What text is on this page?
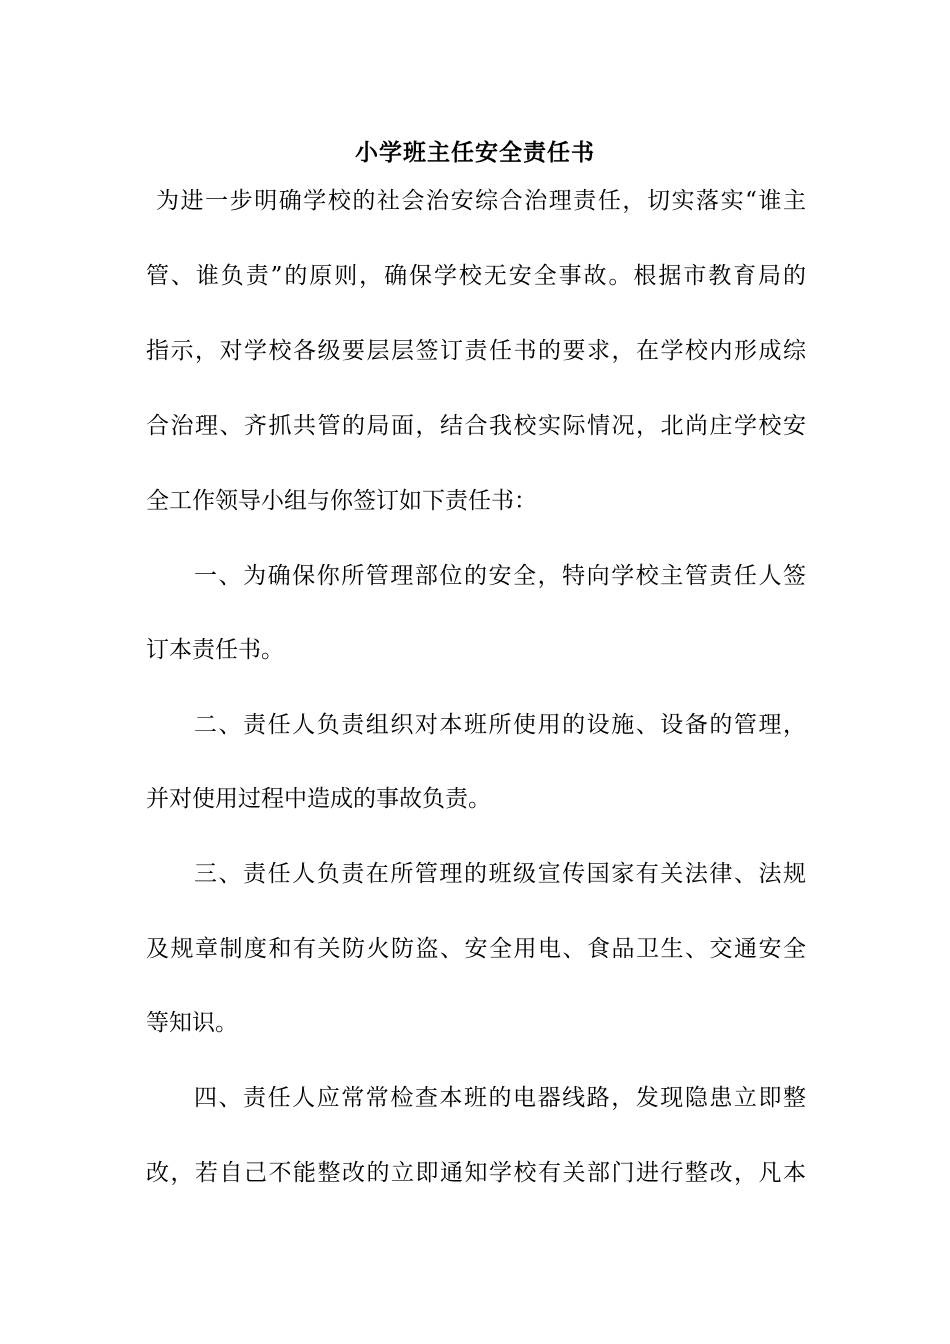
小学班主任安全责任书
为进一步明确学校的社会治安综合治理责任，切实落实“谁主
管、谁负责”的原则，确保学校无安全事故。根据市教育局的
指示，对学校各级要层层签订责任书的要求，在学校内形成综
合治理、齐抓共管的局面，结合我校实际情况，北尚庄学校安
全工作领导小组与你签订如下责任书：
一、为确保你所管理部位的安全，特向学校主管责任人签
订本责任书。
二、责任人负责组织对本班所使用的设施、设备的管理，
并对使用过程中造成的事故负责。
三、责任人负责在所管理的班级宣传国家有关法律、法规
及规章制度和有关防火防盗、安全用电、食品卫生、交通安全
等知识。
四、责任人应常常检查本班的电器线路，发现隐患立即整
改，若自己不能整改的立即通知学校有关部门进行整改，凡本
